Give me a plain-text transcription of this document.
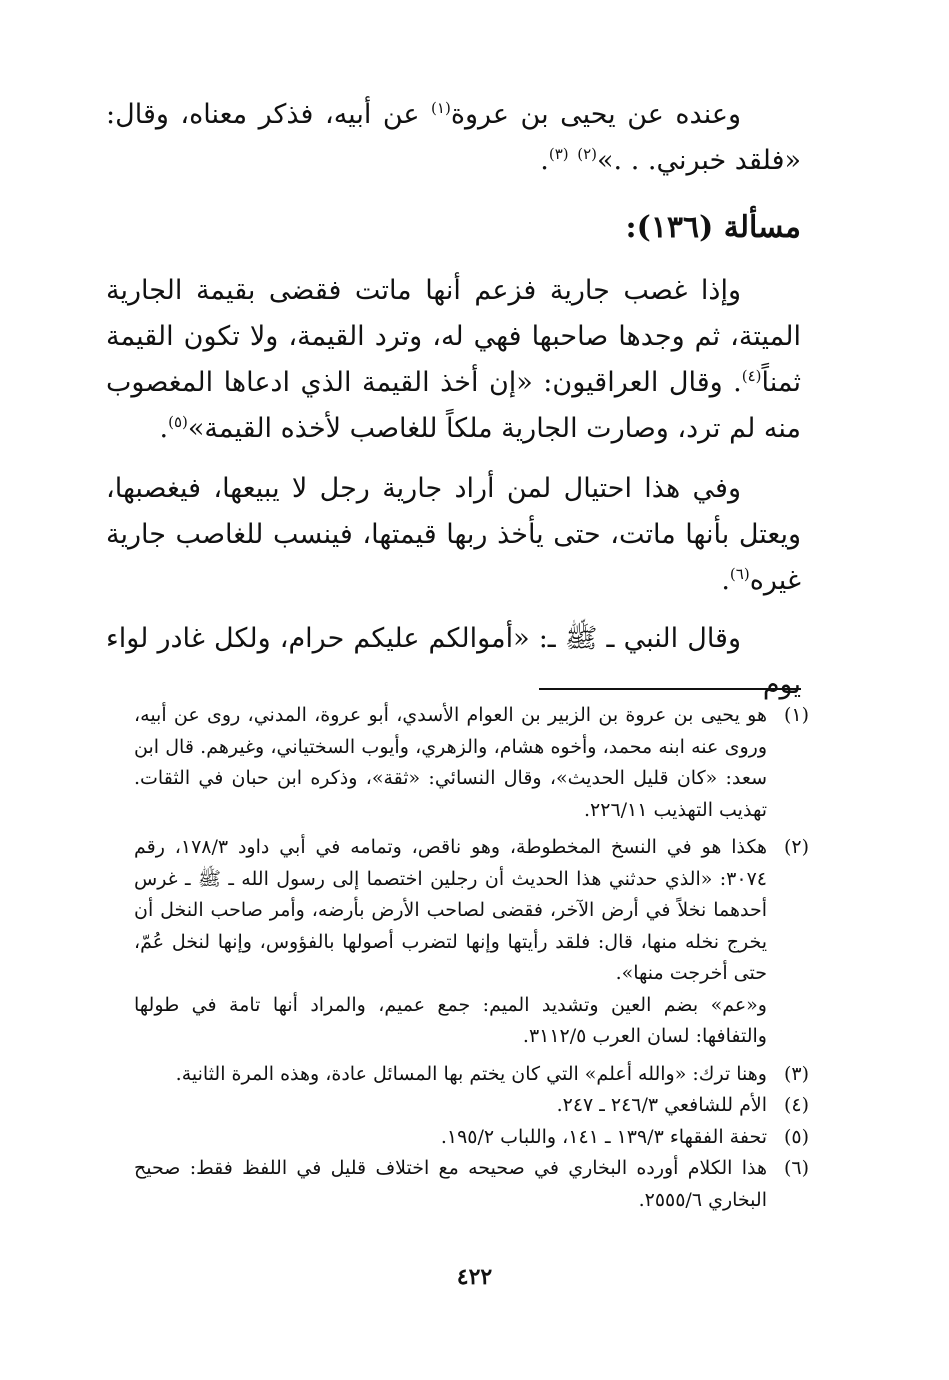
وعنده عن يحيى بن عروة$^{(١)}$ عن أبيه، فذكر معناه، وقال: «فلقد خبرني. . .»$^{(٢)}$ $^{(٣)}$.

مسألة (١٣٦):

وإذا غصب جارية فزعم أنها ماتت فقضى بقيمة الجارية الميتة، ثم وجدها صاحبها فهي له، وترد القيمة، ولا تكون القيمة ثمناً$^{(٤)}$. وقال العراقيون: «إن أخذ القيمة الذي ادعاها المغصوب منه لم ترد، وصارت الجارية ملكاً للغاصب لأخذه القيمة»$^{(٥)}$.

وفي هذا احتيال لمن أراد جارية رجل لا يبيعها، فيغصبها، ويعتل بأنها ماتت، حتى يأخذ ربها قيمتها، فينسب للغاصب جارية غيره$^{(٦)}$.

وقال النبي ـ ﷺ ـ: «أموالكم عليكم حرام، ولكل غادر لواء يوم

(١)
هو يحيى بن عروة بن الزبير بن العوام الأسدي، أبو عروة، المدني، روى عن أبيه، وروى عنه ابنه محمد، وأخوه هشام، والزهري، وأيوب السختياني، وغيرهم. قال ابن سعد: «كان قليل الحديث»، وقال النسائي: «ثقة»، وذكره ابن حبان في الثقات. تهذيب التهذيب ٢٢٦/١١.
(٢)
هكذا هو في النسخ المخطوطة، وهو ناقص، وتمامه في أبي داود ١٧٨/٣، رقم ٣٠٧٤: «الذي حدثني هذا الحديث أن رجلين اختصما إلى رسول الله ـ ﷺ ـ غرس أحدهما نخلاً في أرض الآخر، فقضى لصاحب الأرض بأرضه، وأمر صاحب النخل أن يخرج نخله منها، قال: فلقد رأيتها وإنها لتضرب أصولها بالفؤوس، وإنها لنخل عُمّ، حتى أخرجت منها».
و«عم» بضم العين وتشديد الميم: جمع عميم، والمراد أنها تامة في طولها والتفافها: لسان العرب ٣١١٢/٥.
(٣)
وهنا ترك: «والله أعلم» التي كان يختم بها المسائل عادة، وهذه المرة الثانية.
(٤)
الأم للشافعي ٢٤٦/٣ ـ ٢٤٧.
(٥)
تحفة الفقهاء ١٣٩/٣ ـ ١٤١، واللباب ١٩٥/٢.
(٦)
هذا الكلام أورده البخاري في صحيحه مع اختلاف قليل في اللفظ فقط: صحيح البخاري ٢٥٥٥/٦.
٤٢٢
